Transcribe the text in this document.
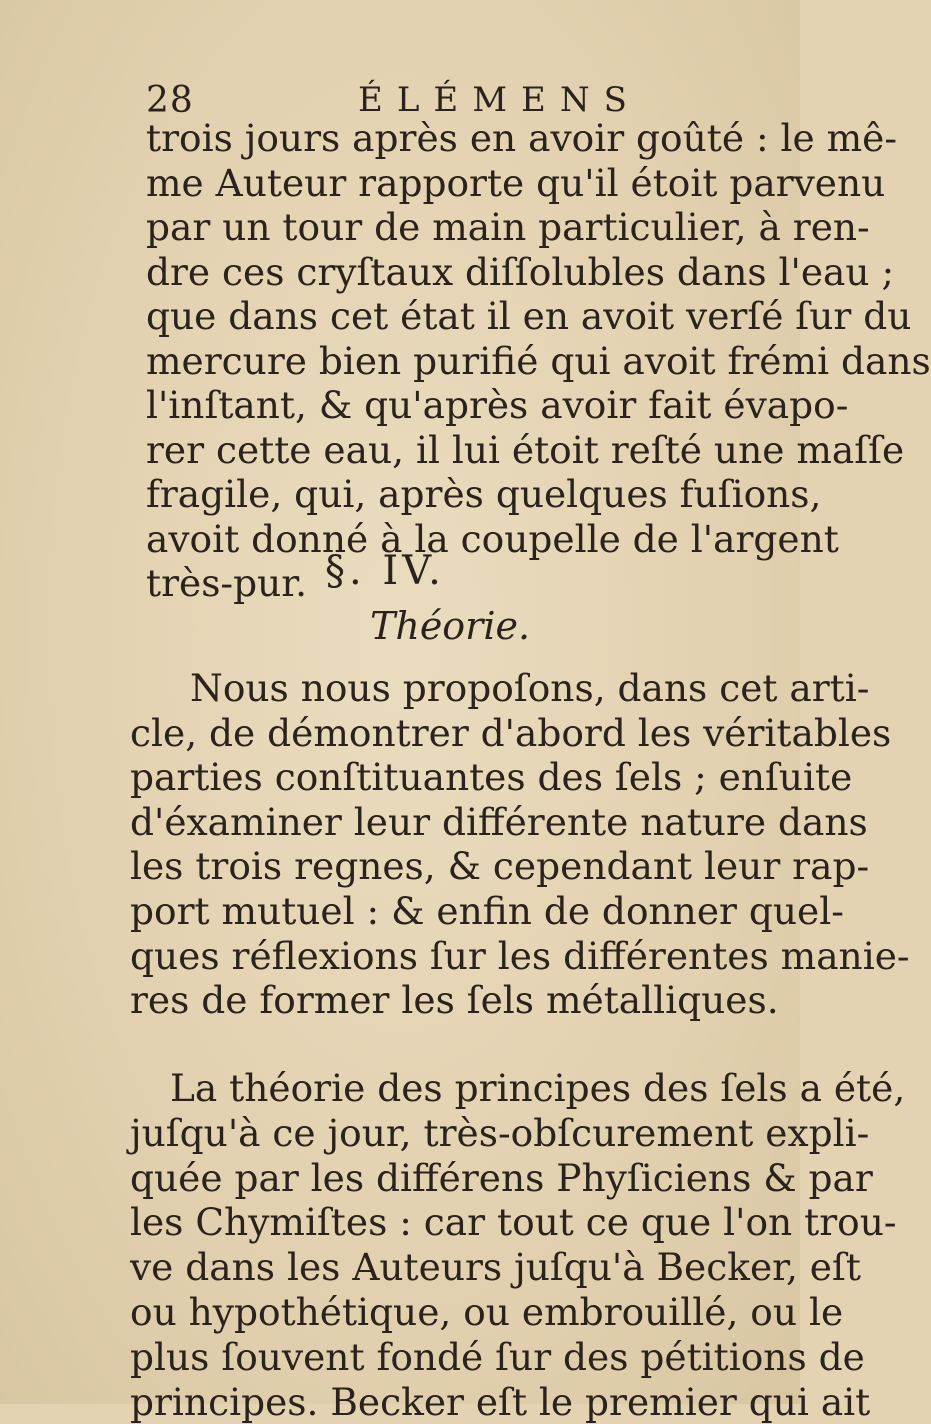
28	ÉLÉMENS
trois jours après en avoir goûté : le mê-
me Auteur rapporte qu'il étoit parvenu
par un tour de main particulier, à ren-
dre ces cryſtaux diſſolubles dans l'eau ;
que dans cet état il en avoit verſé ſur du
mercure bien purifié qui avoit frémi dans
l'inſtant, & qu'après avoir fait évapo-
rer cette eau, il lui étoit reſté une maſſe
fragile, qui, après quelques fuſions,
avoit donné à la coupelle de l'argent
très-pur. §. IV.
Théorie.
Nous nous propoſons, dans cet arti-
cle, de démontrer d'abord les véritables
parties conſtituantes des ſels ; enſuite
d'éxaminer leur différente nature dans
les trois regnes, & cependant leur rap-
port mutuel : & enfin de donner quel-
ques réflexions ſur les différentes manie-
res de former les ſels métalliques.
La théorie des principes des ſels a été,
juſqu'à ce jour, très-obſcurement expli-
quée par les différens Phyſiciens & par
les Chymiſtes : car tout ce que l'on trou-
ve dans les Auteurs juſqu'à Becker, eſt
ou hypothétique, ou embrouillé, ou le
plus ſouvent fondé ſur des pétitions de
principes. Becker eſt le premier qui ait
